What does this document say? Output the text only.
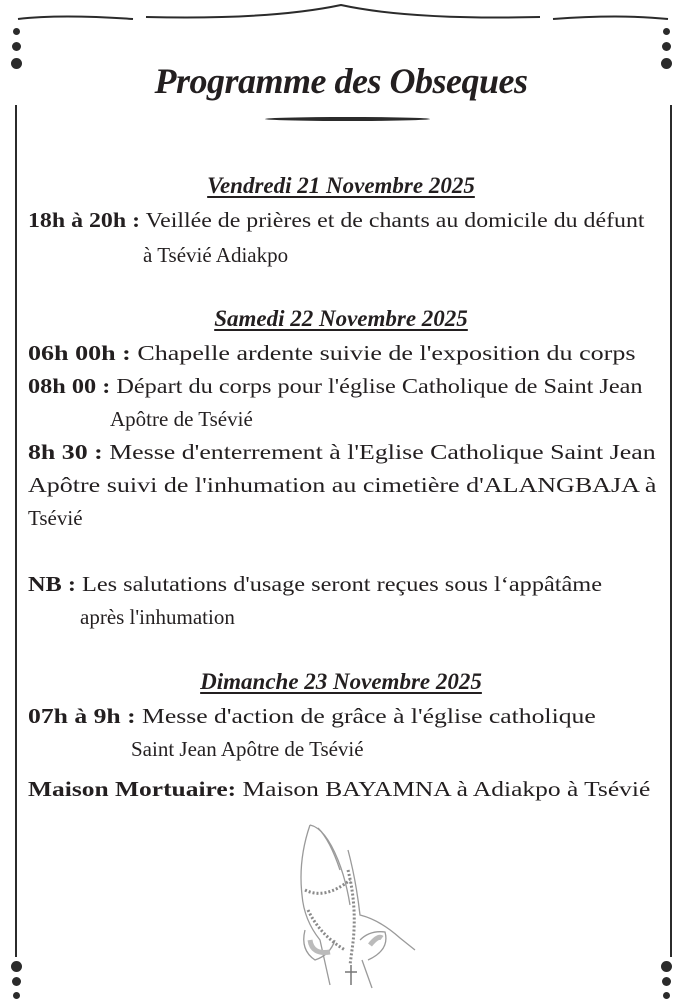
Programme des Obseques
Vendredi 21 Novembre 2025
18h à 20h : Veillée de prières et de chants au domicile du défunt
à Tsévié Adiakpo
Samedi 22 Novembre 2025
06h 00h : Chapelle ardente suivie de l'exposition du corps
08h 00 : Départ du corps pour l'église Catholique de Saint Jean
Apôtre de Tsévié
8h 30 : Messe d'enterrement à l'Eglise Catholique Saint Jean
Apôtre suivi de l'inhumation au cimetière d'ALANGBAJA à
Tsévié
NB : Les salutations d'usage seront reçues sous l‘appâtâme
après l'inhumation
Dimanche 23 Novembre 2025
07h à 9h : Messe d'action de grâce à l'église catholique
Saint Jean Apôtre de Tsévié
Maison Mortuaire: Maison BAYAMNA à Adiakpo à Tsévié
